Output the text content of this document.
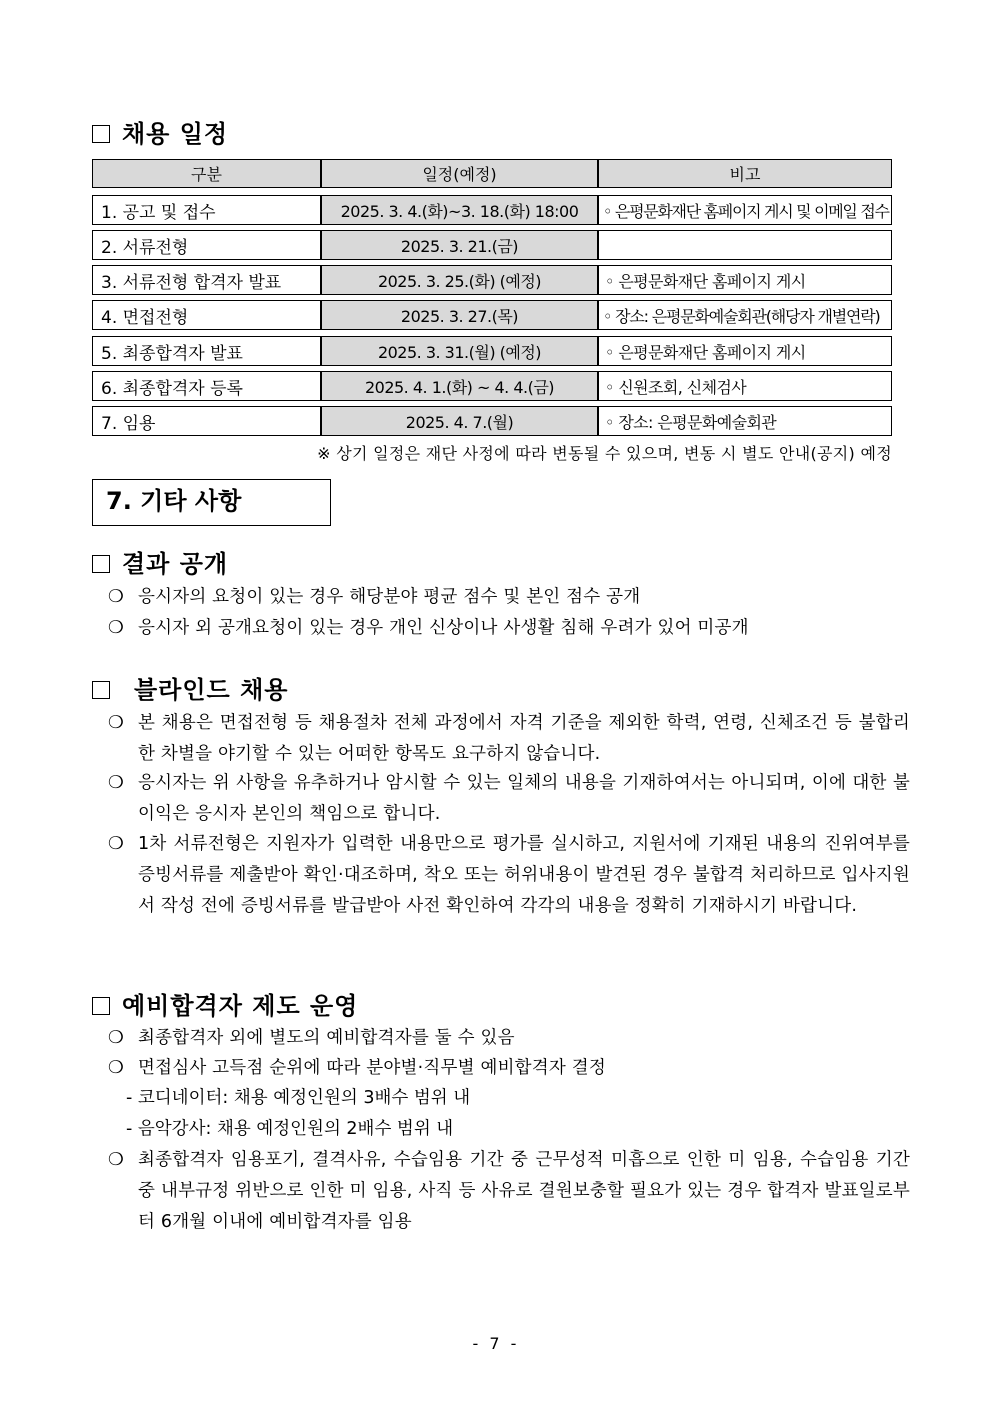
채용 일정
구분	일정(예정)	비고
1. 공고 및 접수	2025. 3. 4.(화)~3. 18.(화) 18:00	◦ 은평문화재단 홈페이지 게시 및 이메일 접수
2. 서류전형	2025. 3. 21.(금)
3. 서류전형 합격자 발표	2025. 3. 25.(화) (예정)	◦ 은평문화재단 홈페이지 게시
4. 면접전형	2025. 3. 27.(목)	◦ 장소: 은평문화예술회관(해당자 개별연락)
5. 최종합격자 발표	2025. 3. 31.(월) (예정)	◦ 은평문화재단 홈페이지 게시
6. 최종합격자 등록	2025. 4. 1.(화) ~ 4. 4.(금)	◦ 신원조회, 신체검사
7. 임용	2025. 4. 7.(월)	◦ 장소: 은평문화예술회관
※ 상기 일정은 재단 사정에 따라 변동될 수 있으며, 변동 시 별도 안내(공지) 예정
7. 기타 사항
결과 공개
❍ 응시자의 요청이 있는 경우 해당분야 평균 점수 및 본인 점수 공개
❍ 응시자 외 공개요청이 있는 경우 개인 신상이나 사생활 침해 우려가 있어 미공개
블라인드 채용
❍ 본 채용은 면접전형 등 채용절차 전체 과정에서 자격 기준을 제외한 학력, 연령, 신체조건 등 불합리한 차별을 야기할 수 있는 어떠한 항목도 요구하지 않습니다.
❍ 응시자는 위 사항을 유추하거나 암시할 수 있는 일체의 내용을 기재하여서는 아니되며, 이에 대한 불이익은 응시자 본인의 책임으로 합니다.
❍ 1차 서류전형은 지원자가 입력한 내용만으로 평가를 실시하고, 지원서에 기재된 내용의 진위여부를 증빙서류를 제출받아 확인·대조하며, 착오 또는 허위내용이 발견된 경우 불합격 처리하므로 입사지원서 작성 전에 증빙서류를 발급받아 사전 확인하여 각각의 내용을 정확히 기재하시기 바랍니다.
예비합격자 제도 운영
❍ 최종합격자 외에 별도의 예비합격자를 둘 수 있음
❍ 면접심사 고득점 순위에 따라 분야별·직무별 예비합격자 결정
- 코디네이터: 채용 예정인원의 3배수 범위 내
- 음악강사: 채용 예정인원의 2배수 범위 내
❍ 최종합격자 임용포기, 결격사유, 수습임용 기간 중 근무성적 미흡으로 인한 미 임용, 수습임용 기간 중 내부규정 위반으로 인한 미 임용, 사직 등 사유로 결원보충할 필요가 있는 경우 합격자 발표일로부터 6개월 이내에 예비합격자를 임용
- 7 -
